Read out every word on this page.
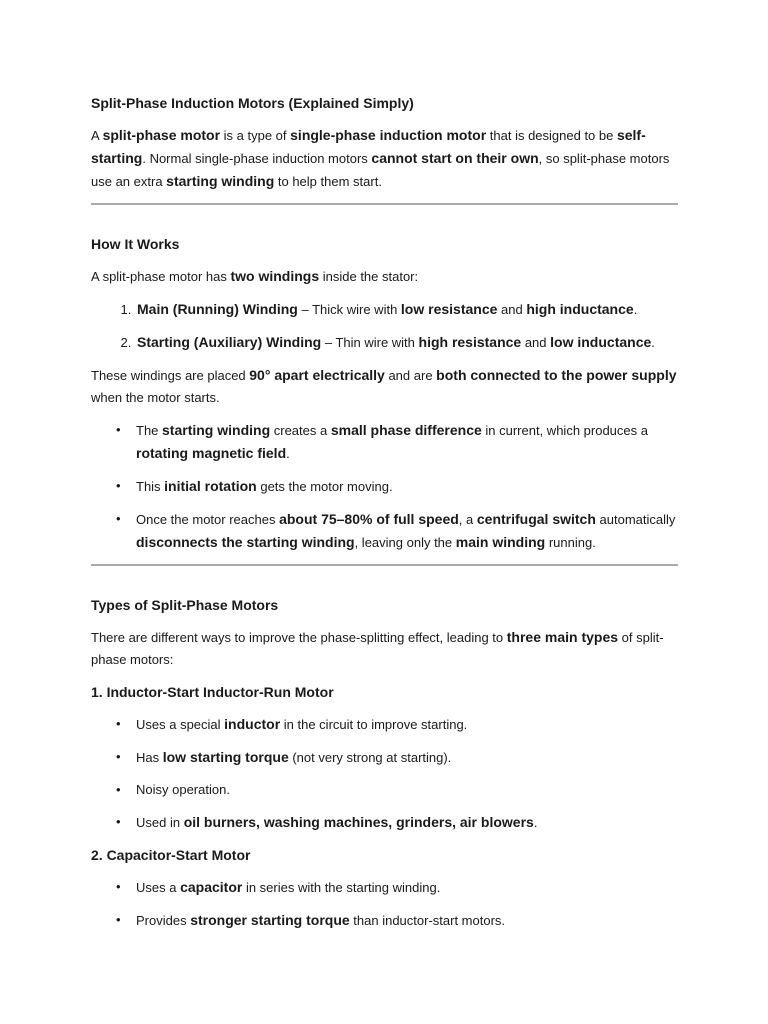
Split-Phase Induction Motors (Explained Simply)

A split-phase motor is a type of single-phase induction motor that is designed to be self-starting. Normal single-phase induction motors cannot start on their own, so split-phase motors use an extra starting winding to help them start.

How It Works

A split-phase motor has two windings inside the stator:

1. Main (Running) Winding – Thick wire with low resistance and high inductance.
2. Starting (Auxiliary) Winding – Thin wire with high resistance and low inductance.

These windings are placed 90° apart electrically and are both connected to the power supply when the motor starts.

• The starting winding creates a small phase difference in current, which produces a rotating magnetic field.
• This initial rotation gets the motor moving.
• Once the motor reaches about 75–80% of full speed, a centrifugal switch automatically disconnects the starting winding, leaving only the main winding running.
Types of Split-Phase Motors

There are different ways to improve the phase-splitting effect, leading to three main types of split-phase motors:

1. Inductor-Start Inductor-Run Motor
• Uses a special inductor in the circuit to improve starting.
• Has low starting torque (not very strong at starting).
• Noisy operation.
• Used in oil burners, washing machines, grinders, air blowers.
2. Capacitor-Start Motor
• Uses a capacitor in series with the starting winding.
• Provides stronger starting torque than inductor-start motors.
